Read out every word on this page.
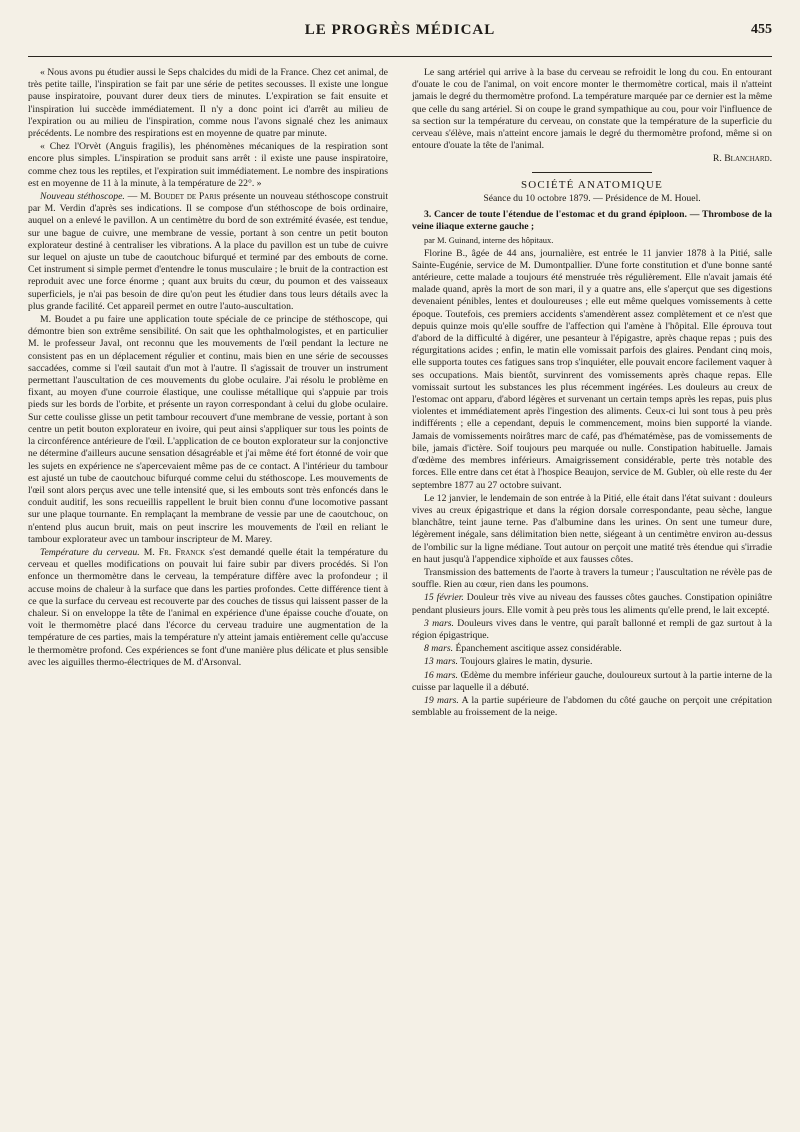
LE PROGRÈS MÉDICAL	455

« Nous avons pu étudier aussi le Seps chalcides du midi de la France. Chez cet animal, de très petite taille, l'inspiration se fait par une série de petites secousses. Il existe une longue pause inspiratoire, pouvant durer deux tiers de minutes. L'expiration se fait ensuite et l'inspiration lui succède immédiatement. Il n'y a donc point ici d'arrêt au milieu de l'expiration ou au milieu de l'inspiration, comme nous l'avons signalé chez les animaux précédents. Le nombre des respirations est en moyenne de quatre par minute.

« Chez l'Orvèt (Anguis fragilis), les phénomènes mécaniques de la respiration sont encore plus simples. L'inspiration se produit sans arrêt : il existe une pause inspiratoire, comme chez tous les reptiles, et l'expiration suit immédiatement. Le nombre des inspirations est en moyenne de 11 à la minute, à la température de 22°. »

Nouveau stéthoscope. — M. Boudet de Paris présente un nouveau stéthoscope construit par M. Verdin d'après ses indications. Il se compose d'un stéthoscope de bois ordinaire, auquel on a enlevé le pavillon. A un centimètre du bord de son extrémité évasée, est tendue, sur une bague de cuivre, une membrane de vessie, portant à son centre un petit bouton explorateur destiné à centraliser les vibrations. A la place du pavillon est un tube de cuivre sur lequel on ajuste un tube de caoutchouc bifurqué et terminé par des embouts de corne. Cet instrument si simple permet d'entendre le tonus musculaire ; le bruit de la contraction est reproduit avec une force énorme ; quant aux bruits du cœur, du poumon et des vaisseaux superficiels, je n'ai pas besoin de dire qu'on peut les étudier dans tous leurs détails avec la plus grande facilité. Cet appareil permet en outre l'auto-auscultation.

M. Boudet a pu faire une application toute spéciale de ce principe de stéthoscope, qui démontre bien son extrême sensibilité. On sait que les ophthalmologistes, et en particulier M. le professeur Javal, ont reconnu que les mouvements de l'œil pendant la lecture ne consistent pas en un déplacement régulier et continu, mais bien en une série de secousses saccadées, comme si l'œil sautait d'un mot à l'autre. Il s'agissait de trouver un instrument permettant l'auscultation de ces mouvements du globe oculaire. J'ai résolu le problème en fixant, au moyen d'une courroie élastique, une coulisse métallique qui s'appuie par trois pieds sur les bords de l'orbite, et présente un rayon correspondant à celui du globe oculaire. Sur cette coulisse glisse un petit tambour recouvert d'une membrane de vessie, portant à son centre un petit bouton explorateur en ivoire, qui peut ainsi s'appliquer sur tous les points de la circonférence antérieure de l'œil. L'application de ce bouton explorateur sur la conjonctive ne détermine d'ailleurs aucune sensation désagréable et j'ai même été fort étonné de voir que les sujets en expérience ne s'apercevaient même pas de ce contact. A l'intérieur du tambour est ajusté un tube de caoutchouc bifurqué comme celui du stéthoscope. Les mouvements de l'œil sont alors perçus avec une telle intensité que, si les embouts sont très enfoncés dans le conduit auditif, les sons recueillis rappellent le bruit bien connu d'une locomotive passant sur une plaque tournante. En remplaçant la membrane de vessie par une de caoutchouc, on n'entend plus aucun bruit, mais on peut inscrire les mouvements de l'œil en reliant le tambour explorateur avec un tambour inscripteur de M. Marey.

Température du cerveau. M. Fr. Franck s'est demandé quelle était la température du cerveau et quelles modifications on pouvait lui faire subir par divers procédés. Si l'on enfonce un thermomètre dans le cerveau, la température diffère avec la profondeur ; il accuse moins de chaleur à la surface que dans les parties profondes. Cette différence tient à ce que la surface du cerveau est recouverte par des couches de tissus qui laissent passer de la chaleur. Si on enveloppe la tête de l'animal en expérience d'une épaisse couche d'ouate, on voit le thermomètre placé dans l'écorce du cerveau traduire une augmentation de la température de ces parties, mais la température n'y atteint jamais entièrement celle qu'accuse le thermomètre profond. Ces expériences se font d'une manière plus délicate et plus sensible avec les aiguilles thermo-électriques de M. d'Arsonval.

Le sang artériel qui arrive à la base du cerveau se refroidit le long du cou. En entourant d'ouate le cou de l'animal, on voit encore monter le thermomètre cortical, mais il n'atteint jamais le degré du thermomètre profond. La température marquée par ce dernier est la même que celle du sang artériel. Si on coupe le grand sympathique au cou, pour voir l'influence de sa section sur la température du cerveau, on constate que la température de la superficie du cerveau s'élève, mais n'atteint encore jamais le degré du thermomètre profond, même si on entoure d'ouate la tête de l'animal.

R. Blanchard.
SOCIÉTÉ ANATOMIQUE
Séance du 10 octobre 1879. — Présidence de M. Houel.

3. Cancer de toute l'étendue de l'estomac et du grand épiploon. — Thrombose de la veine iliaque externe gauche ;

par M. Guinand, interne des hôpitaux.

Florine B., âgée de 44 ans, journalière, est entrée le 11 janvier 1878 à la Pitié, salle Sainte-Eugénie, service de M. Dumontpallier. D'une forte constitution et d'une bonne santé antérieure, cette malade a toujours été menstruée très régulièrement. Elle n'avait jamais été malade quand, après la mort de son mari, il y a quatre ans, elle s'aperçut que ses digestions devenaient pénibles, lentes et douloureuses ; elle eut même quelques vomissements à cette époque. Toutefois, ces premiers accidents s'amendèrent assez complètement et ce n'est que depuis quinze mois qu'elle souffre de l'affection qui l'amène à l'hôpital. Elle éprouva tout d'abord de la difficulté à digérer, une pesanteur à l'épigastre, après chaque repas ; puis des régurgitations acides ; enfin, le matin elle vomissait parfois des glaires. Pendant cinq mois, elle supporta toutes ces fatigues sans trop s'inquiéter, elle pouvait encore facilement vaquer à ses occupations. Mais bientôt, survinrent des vomissements après chaque repas. Elle vomissait surtout les substances les plus récemment ingérées. Les douleurs au creux de l'estomac ont apparu, d'abord légères et survenant un certain temps après les repas, puis plus violentes et immédiatement après l'ingestion des aliments. Ceux-ci lui sont tous à peu près indifférents ; elle a cependant, depuis le commencement, moins bien supporté la viande. Jamais de vomissements noirâtres marc de café, pas d'hématémèse, pas de vomissements de bile, jamais d'ictère. Soif toujours peu marquée ou nulle. Constipation habituelle. Jamais d'œdème des membres inférieurs. Amaigrissement considérable, perte très notable des forces. Elle entre dans cet état à l'hospice Beaujon, service de M. Gubler, où elle reste du 4er septembre 1877 au 27 octobre suivant.

Le 12 janvier, le lendemain de son entrée à la Pitié, elle était dans l'état suivant : douleurs vives au creux épigastrique et dans la région dorsale correspondante, peau sèche, langue blanchâtre, teint jaune terne. Pas d'albumine dans les urines. On sent une tumeur dure, légèrement inégale, sans délimitation bien nette, siégeant à un centimètre environ au-dessus de l'ombilic sur la ligne médiane. Tout autour on perçoit une matité très étendue qui s'irradie en haut jusqu'à l'appendice xiphoïde et aux fausses côtes.

Transmission des battements de l'aorte à travers la tumeur ; l'auscultation ne révèle pas de souffle. Rien au cœur, rien dans les poumons.

15 février. Douleur très vive au niveau des fausses côtes gauches. Constipation opiniâtre pendant plusieurs jours. Elle vomit à peu près tous les aliments qu'elle prend, le lait excepté.

3 mars. Douleurs vives dans le ventre, qui paraît ballonné et rempli de gaz surtout à la région épigastrique.

8 mars. Épanchement ascitique assez considérable.

13 mars. Toujours glaires le matin, dysurie.

16 mars. Œdème du membre inférieur gauche, douloureux surtout à la partie interne de la cuisse par laquelle il a débuté.

19 mars. A la partie supérieure de l'abdomen du côté gauche on perçoit une crépitation semblable au froissement de la neige.
